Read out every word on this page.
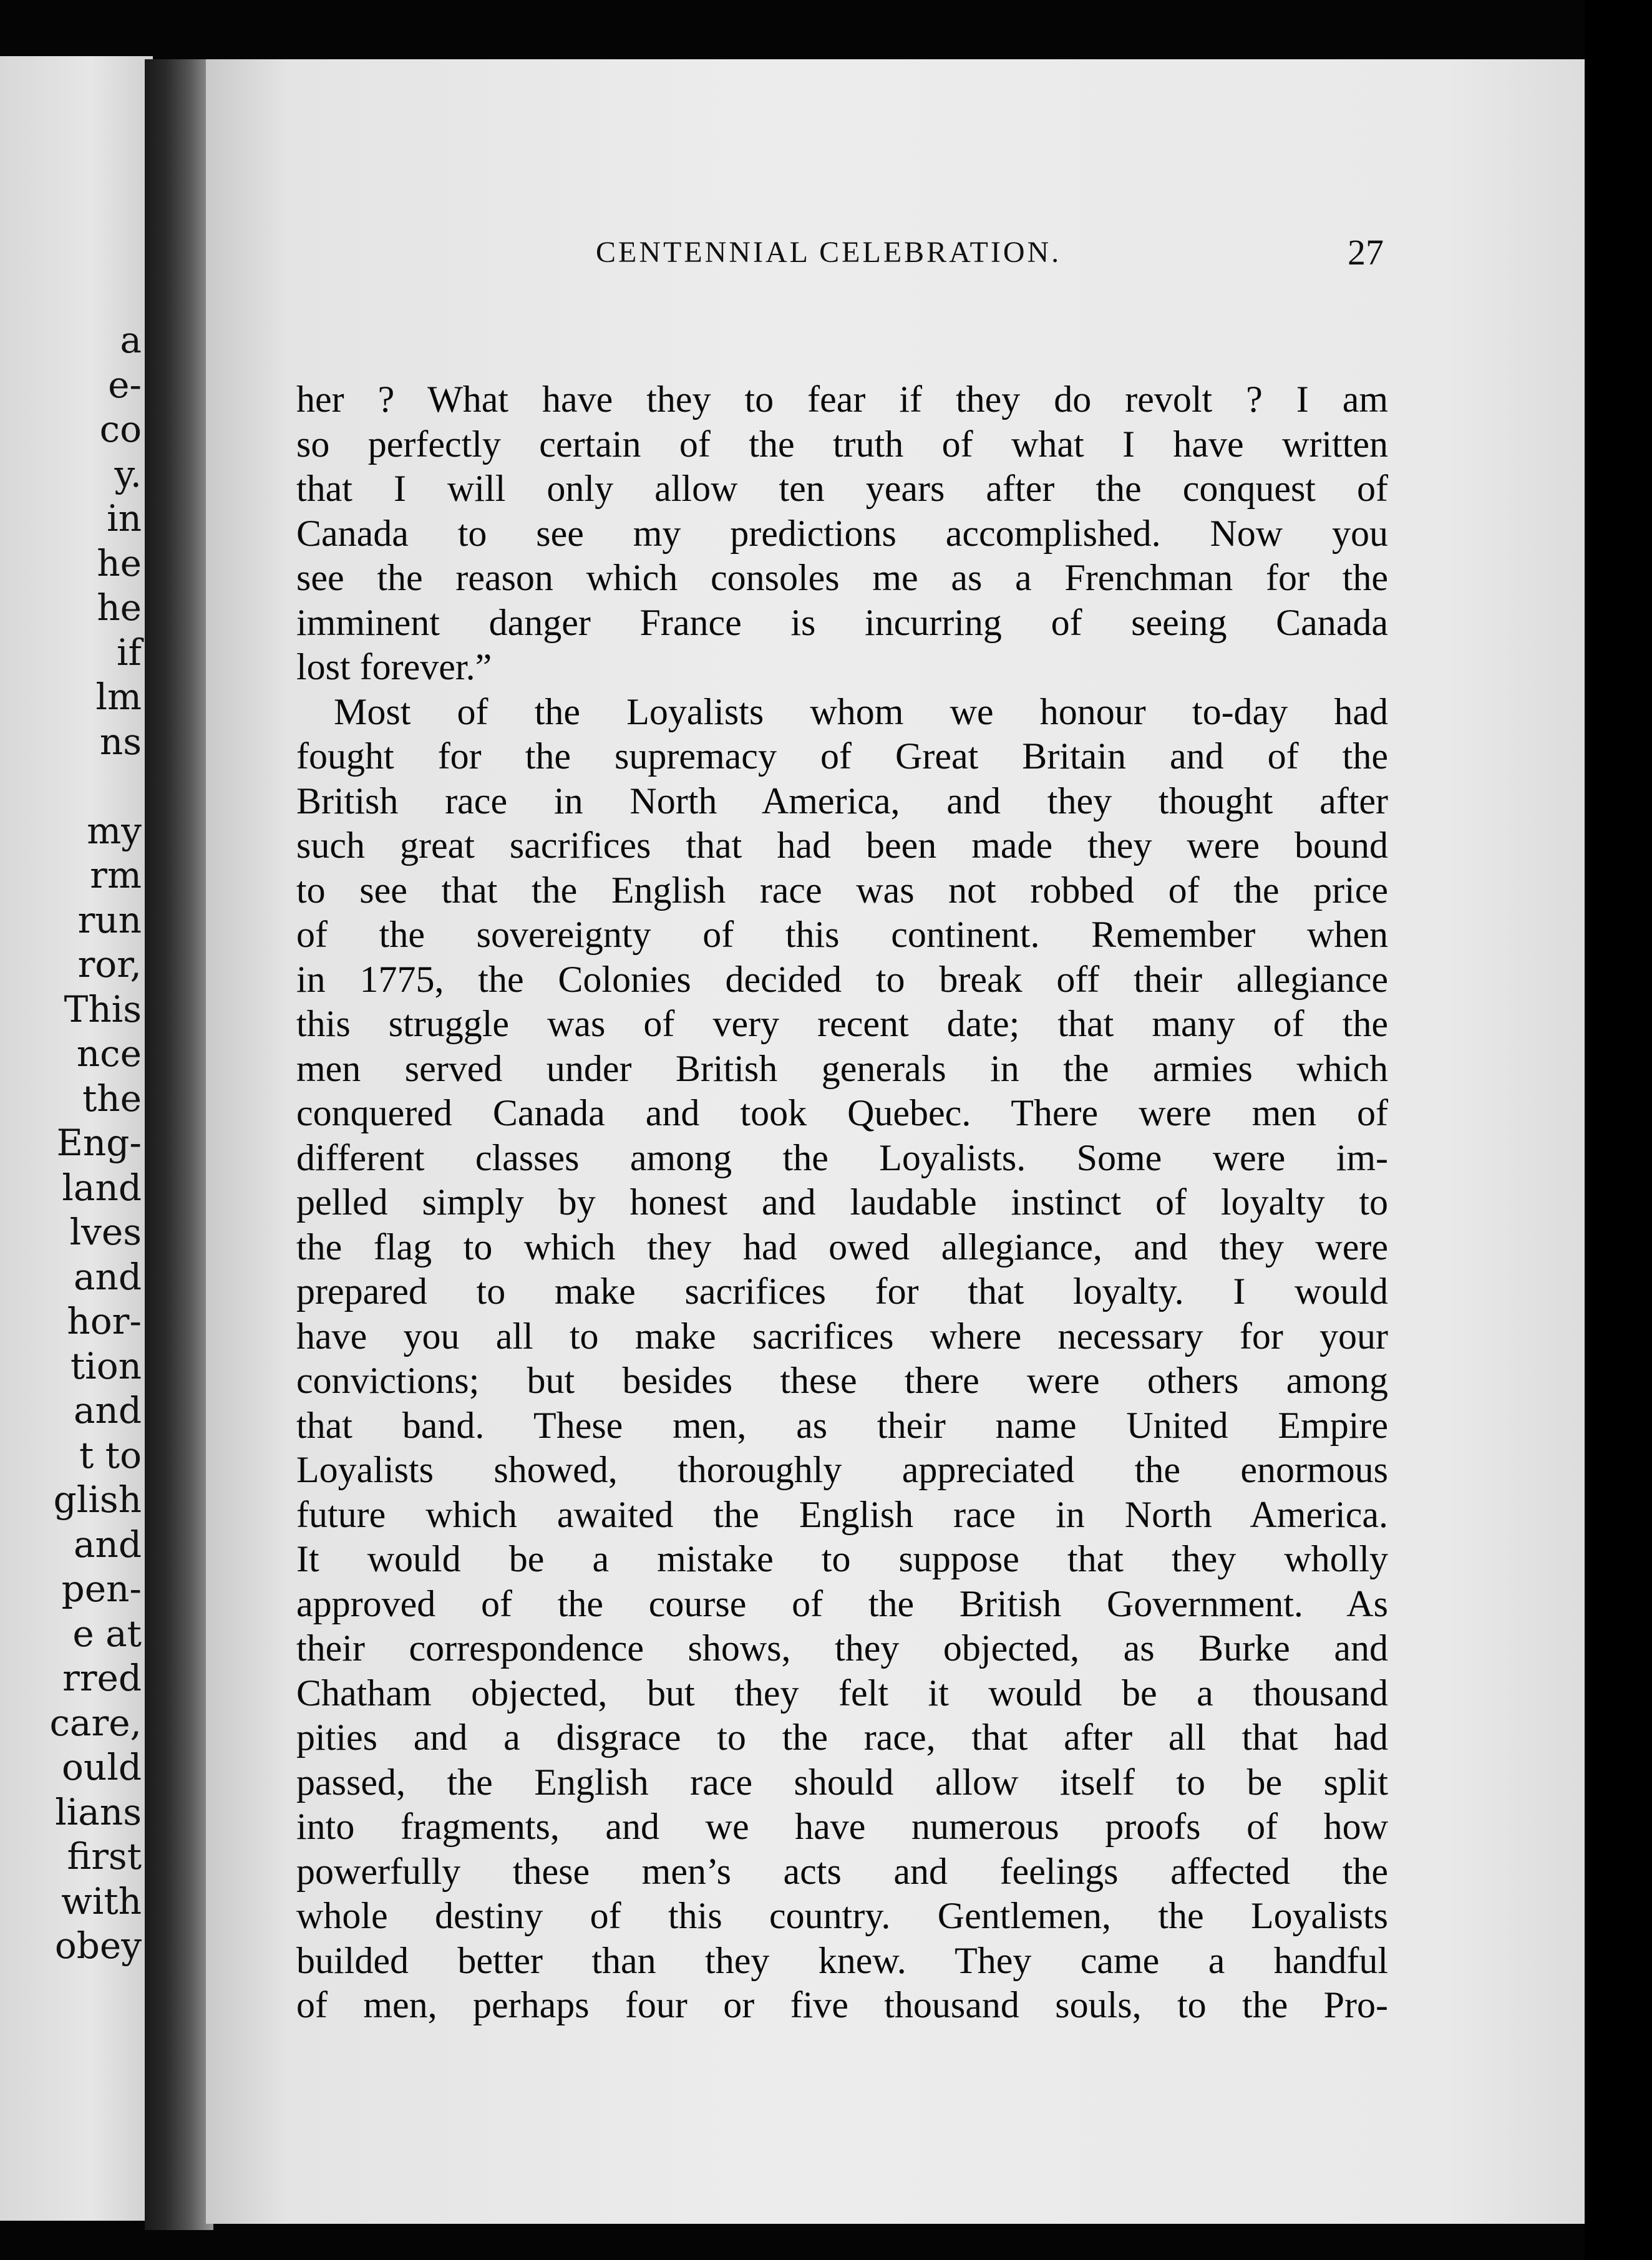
a
e-
co
y.
in
he
he
if
lm
ns
my
rm
run
ror,
This
nce
the
Eng-
land
lves
and
hor-
tion
and
t to
glish
and
pen-
e at
rred
care,
ould
lians
first
with
obey
CENTENNIAL CELEBRATION.	27
her ? What have they to fear if they do revolt ? I am
so perfectly certain of the truth of what I have written
that I will only allow ten years after the conquest of
Canada to see my predictions accomplished. Now you
see the reason which consoles me as a Frenchman for the
imminent danger France is incurring of seeing Canada
lost forever.”
Most of the Loyalists whom we honour to-day had
fought for the supremacy of Great Britain and of the
British race in North America, and they thought after
such great sacrifices that had been made they were bound
to see that the English race was not robbed of the price
of the sovereignty of this continent. Remember when
in 1775, the Colonies decided to break off their allegiance
this struggle was of very recent date; that many of the
men served under British generals in the armies which
conquered Canada and took Quebec. There were men of
different classes among the Loyalists. Some were im-
pelled simply by honest and laudable instinct of loyalty to
the flag to which they had owed allegiance, and they were
prepared to make sacrifices for that loyalty. I would
have you all to make sacrifices where necessary for your
convictions; but besides these there were others among
that band. These men, as their name United Empire
Loyalists showed, thoroughly appreciated the enormous
future which awaited the English race in North America.
It would be a mistake to suppose that they wholly
approved of the course of the British Government. As
their correspondence shows, they objected, as Burke and
Chatham objected, but they felt it would be a thousand
pities and a disgrace to the race, that after all that had
passed, the English race should allow itself to be split
into fragments, and we have numerous proofs of how
powerfully these men’s acts and feelings affected the
whole destiny of this country. Gentlemen, the Loyalists
builded better than they knew. They came a handful
of men, perhaps four or five thousand souls, to the Pro-
